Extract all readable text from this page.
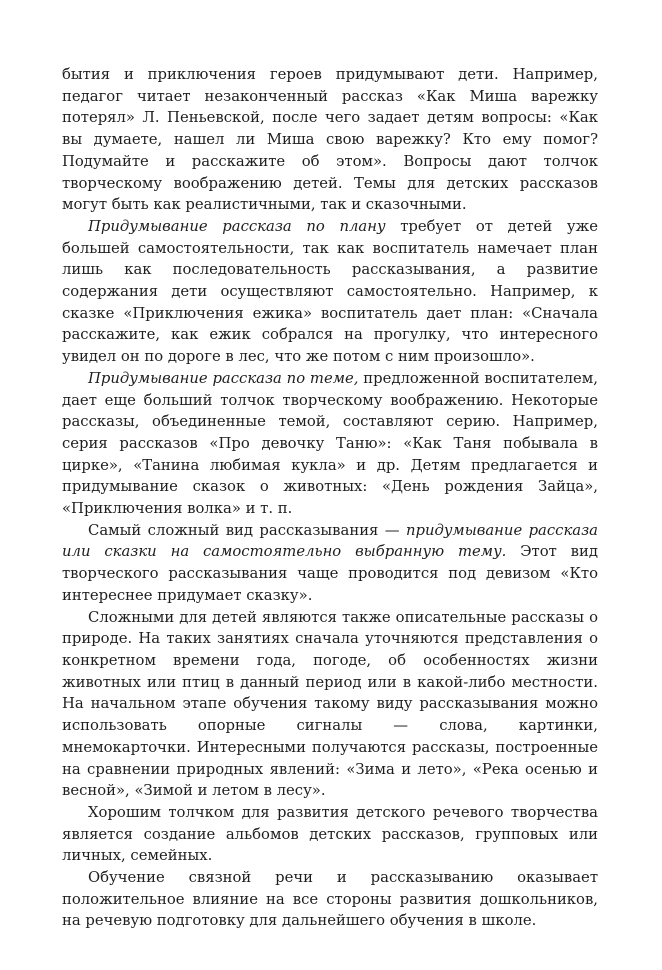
бытия и приключения героев придумывают дети. Например, педагог читает незаконченный рассказ «Как Миша варежку потерял» Л. Пеньевской, после чего задает детям вопросы: «Как вы думаете, нашел ли Миша свою варежку? Кто ему помог? Подумайте и расскажите об этом». Вопросы дают толчок творческому воображению детей. Темы для детских рассказов могут быть как реалистичными, так и сказочными.

Придумывание рассказа по плану требует от детей уже большей самостоятельности, так как воспитатель намечает план лишь как последовательность рассказывания, а развитие содержания дети осуществляют самостоятельно. Например, к сказке «Приключения ежика» воспитатель дает план: «Сначала расскажите, как ежик собрался на прогулку, что интересного увидел он по дороге в лес, что же потом с ним произошло».

Придумывание рассказа по теме, предложенной воспитателем, дает еще больший толчок творческому воображению. Некоторые рассказы, объединенные темой, составляют серию. Например, серия рассказов «Про девочку Таню»: «Как Таня побывала в цирке», «Танина любимая кукла» и др. Детям предлагается и придумывание сказок о животных: «День рождения Зайца», «Приключения волка» и т. п.

Самый сложный вид рассказывания — придумывание рассказа или сказки на самостоятельно выбранную тему. Этот вид творческого рассказывания чаще проводится под девизом «Кто интереснее придумает сказку».

Сложными для детей являются также описательные рассказы о природе. На таких занятиях сначала уточняются представления о конкретном времени года, погоде, об особенностях жизни животных или птиц в данный период или в какой-либо местности. На начальном этапе обучения такому виду рассказывания можно использовать опорные сигналы — слова, картинки, мнемокарточки. Интересными получаются рассказы, построенные на сравнении природных явлений: «Зима и лето», «Река осенью и весной», «Зимой и летом в лесу».

Хорошим толчком для развития детского речевого творчества является создание альбомов детских рассказов, групповых или личных, семейных.

Обучение связной речи и рассказыванию оказывает положительное влияние на все стороны развития дошкольников, на речевую подготовку для дальнейшего обучения в школе.
